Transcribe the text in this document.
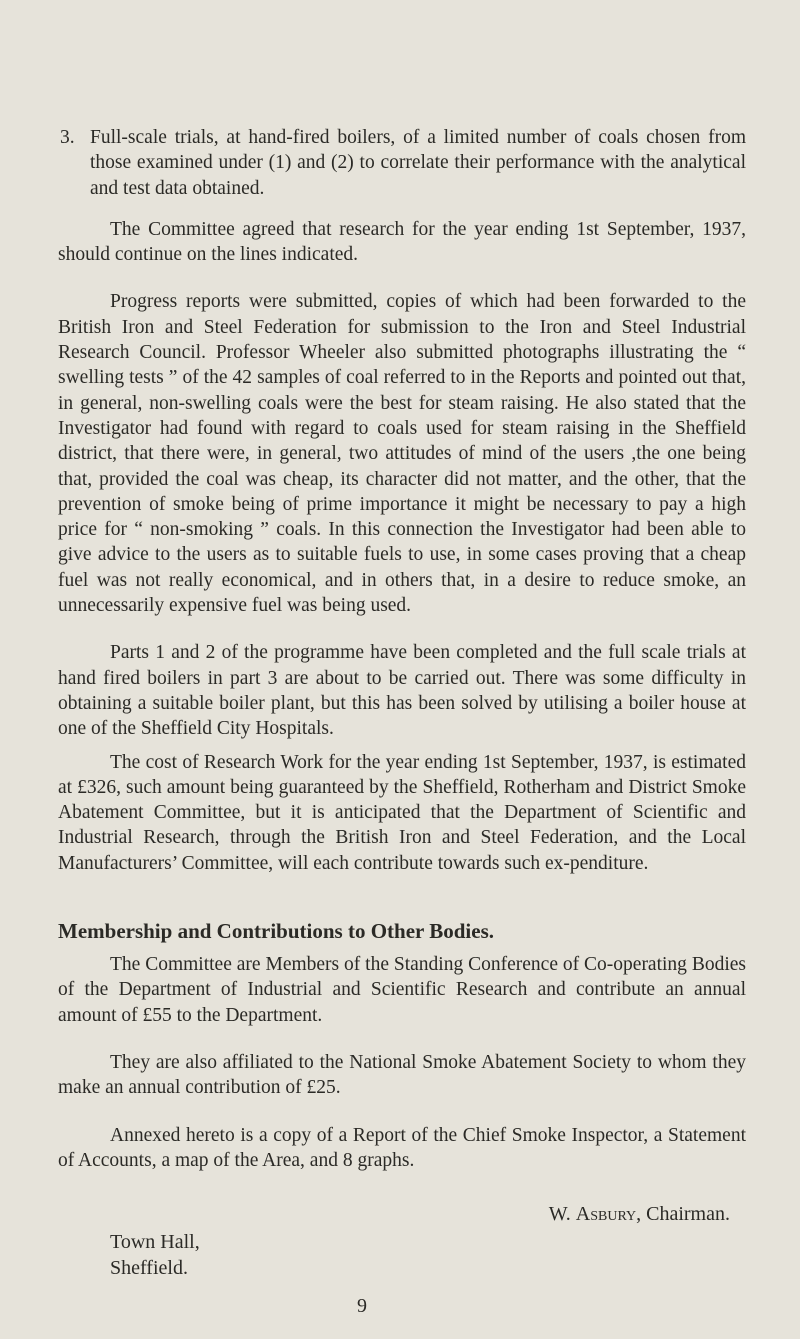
3. Full-scale trials, at hand-fired boilers, of a limited number of coals chosen from those examined under (1) and (2) to correlate their performance with the analytical and test data obtained.

The Committee agreed that research for the year ending 1st September, 1937, should continue on the lines indicated.

Progress reports were submitted, copies of which had been forwarded to the British Iron and Steel Federation for submission to the Iron and Steel Industrial Research Council. Professor Wheeler also submitted photographs illustrating the “ swelling tests ” of the 42 samples of coal referred to in the Reports and pointed out that, in general, non-swelling coals were the best for steam raising. He also stated that the Investigator had found with regard to coals used for steam raising in the Sheffield district, that there were, in general, two attitudes of mind of the users ,the one being that, provided the coal was cheap, its character did not matter, and the other, that the prevention of smoke being of prime importance it might be necessary to pay a high price for “ non-smoking ” coals. In this connection the Investigator had been able to give advice to the users as to suitable fuels to use, in some cases proving that a cheap fuel was not really economical, and in others that, in a desire to reduce smoke, an unnecessarily expensive fuel was being used.

Parts 1 and 2 of the programme have been completed and the full scale trials at hand fired boilers in part 3 are about to be carried out. There was some difficulty in obtaining a suitable boiler plant, but this has been solved by utilising a boiler house at one of the Sheffield City Hospitals.

The cost of Research Work for the year ending 1st September, 1937, is estimated at £326, such amount being guaranteed by the Sheffield, Rotherham and District Smoke Abatement Committee, but it is anticipated that the Department of Scientific and Industrial Research, through the British Iron and Steel Federation, and the Local Manufacturers’ Committee, will each contribute towards such ex-penditure.

Membership and Contributions to Other Bodies.

The Committee are Members of the Standing Conference of Co-operating Bodies of the Department of Industrial and Scientific Research and contribute an annual amount of £55 to the Department.

They are also affiliated to the National Smoke Abatement Society to whom they make an annual contribution of £25.

Annexed hereto is a copy of a Report of the Chief Smoke Inspector, a Statement of Accounts, a map of the Area, and 8 graphs.

W. Asbury, Chairman.
Town Hall,
Sheffield.
9
